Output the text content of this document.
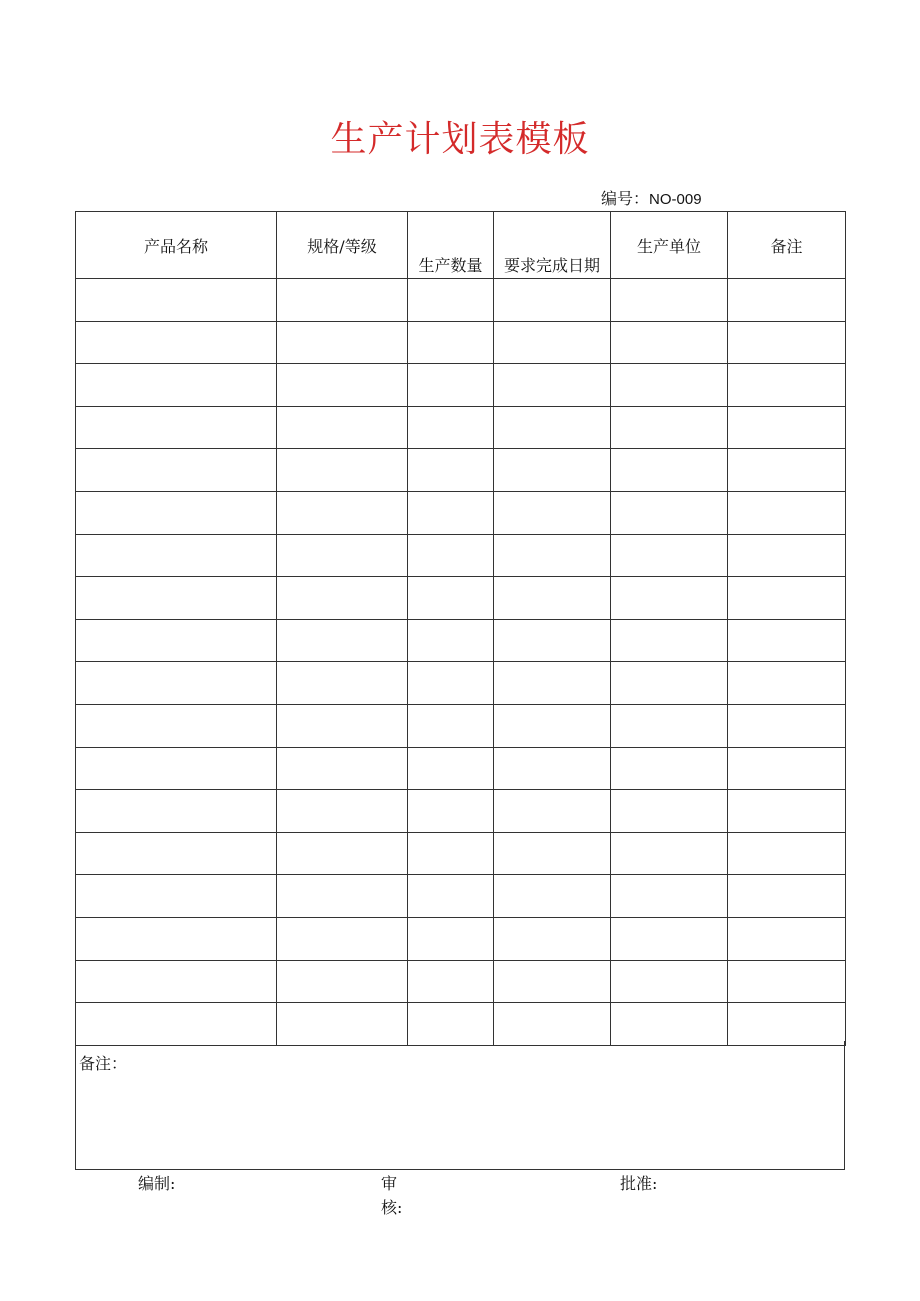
生产计划表模板
编号：NO-009
产品名称	规格/等级	生产数量	要求完成日期	生产单位	备注

备注：
编制:	审
核:
批准:
